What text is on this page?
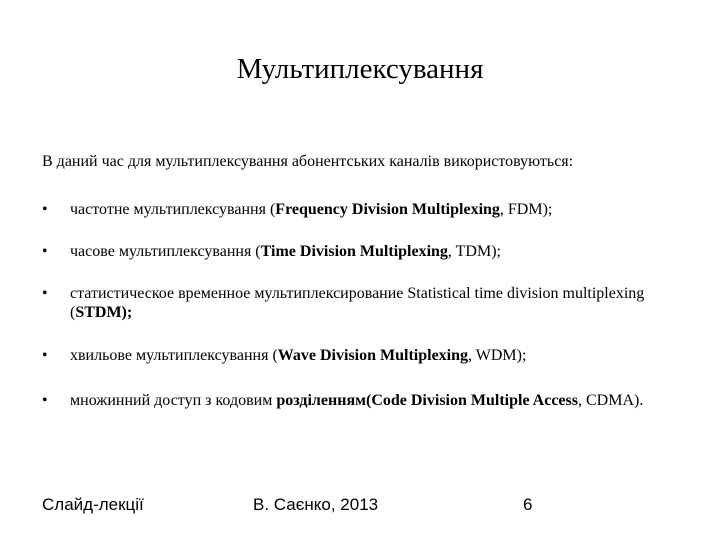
Мультиплексування
В даний час для мультиплексування абонентських каналів використовуються:
•	частотне мультиплексування (Frequency Division Multiplexing, FDM);
•	часове мультиплексування (Time Division Multiplexing, TDM);
•	статистическое временное мультиплексирование Statistical time division multiplexing (STDM);
•	хвильове мультиплексування (Wave Division Multiplexing, WDM);
•	множинний доступ з кодовим розділенням(Code Division Multiple Access, CDMA).
Слайд-лекції	В. Саєнко, 2013	6
